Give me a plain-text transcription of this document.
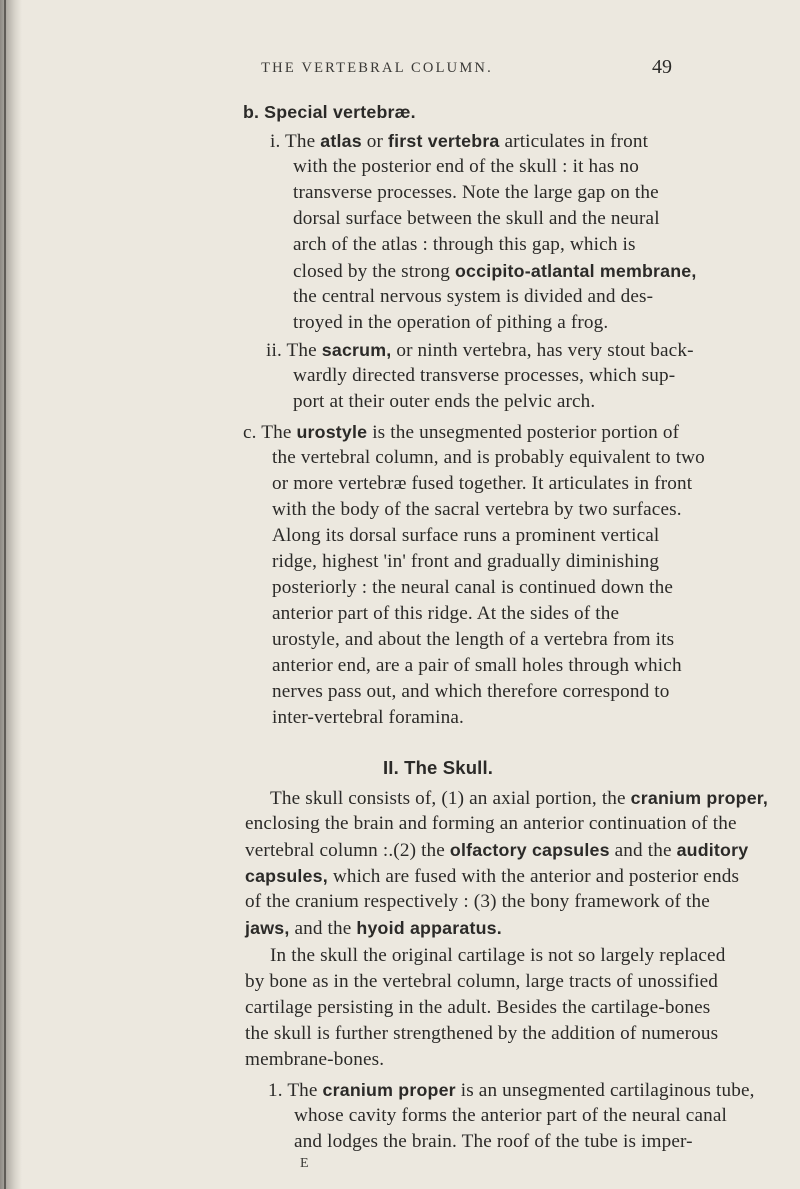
THE VERTEBRAL COLUMN.	49
b. Special vertebræ.
i. The atlas or first vertebra articulates in front
with the posterior end of the skull : it has no
transverse processes. Note the large gap on the
dorsal surface between the skull and the neural
arch of the atlas : through this gap, which is
closed by the strong occipito-atlantal membrane,
the central nervous system is divided and des-
troyed in the operation of pithing a frog.
ii. The sacrum, or ninth vertebra, has very stout back-
wardly directed transverse processes, which sup-
port at their outer ends the pelvic arch.
c. The urostyle is the unsegmented posterior portion of
the vertebral column, and is probably equivalent to two
or more vertebræ fused together. It articulates in front
with the body of the sacral vertebra by two surfaces.
Along its dorsal surface runs a prominent vertical
ridge, highest 'in' front and gradually diminishing
posteriorly : the neural canal is continued down the
anterior part of this ridge. At the sides of the
urostyle, and about the length of a vertebra from its
anterior end, are a pair of small holes through which
nerves pass out, and which therefore correspond to
inter-vertebral foramina.
II. The Skull.
The skull consists of, (1) an axial portion, the cranium proper,
enclosing the brain and forming an anterior continuation of the
vertebral column :.(2) the olfactory capsules and the auditory
capsules, which are fused with the anterior and posterior ends
of the cranium respectively : (3) the bony framework of the
jaws, and the hyoid apparatus.
In the skull the original cartilage is not so largely replaced
by bone as in the vertebral column, large tracts of unossified
cartilage persisting in the adult. Besides the cartilage-bones
the skull is further strengthened by the addition of numerous
membrane-bones.
1. The cranium proper is an unsegmented cartilaginous tube,
whose cavity forms the anterior part of the neural canal
and lodges the brain. The roof of the tube is imper-
E
